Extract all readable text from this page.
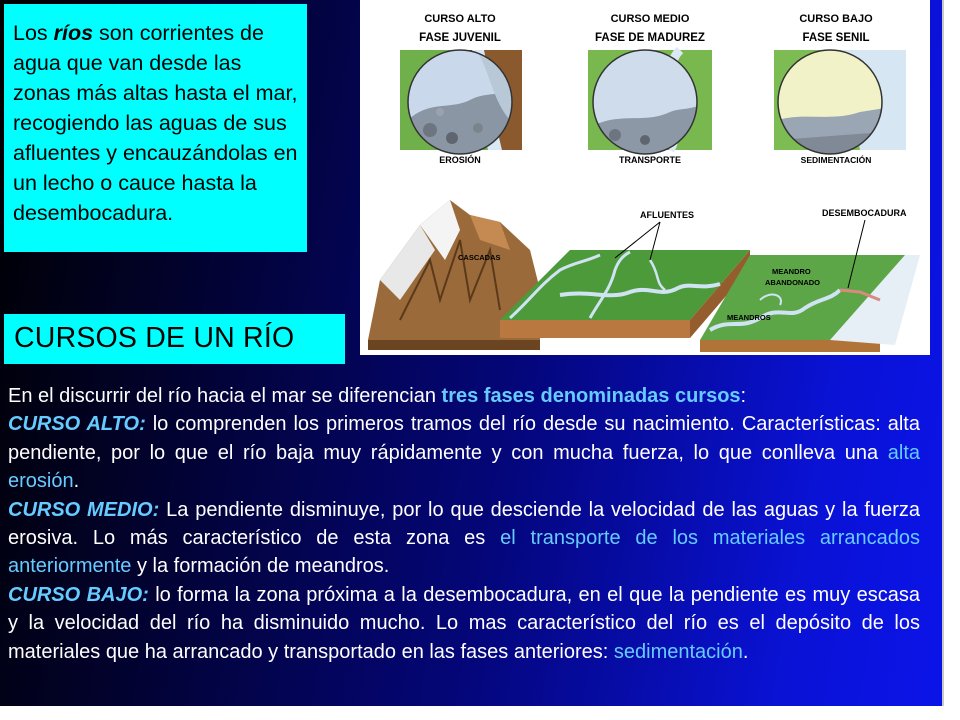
Los ríos son corrientes de agua que van desde las zonas más altas hasta el mar, recogiendo las aguas de sus afluentes y encauzándolas en un lecho o cauce hasta la desembocadura.
CURSOS DE UN RÍO
CURSO ALTO
FASE JUVENIL
EROSIÓN
CURSO MEDIO
FASE DE MADUREZ
TRANSPORTE
CURSO BAJO
FASE SENIL
SEDIMENTACIÓN
AFLUENTES	DESEMBOCADURA
CASCADAS
MEANDRO
ABANDONADO
MEANDROS

En el discurrir del río hacia el mar se diferencian tres fases denominadas cursos:

CURSO ALTO: lo comprenden los primeros tramos del río desde su nacimiento. Características: alta pendiente, por lo que el río baja muy rápidamente y con mucha fuerza, lo que conlleva una alta erosión.

CURSO MEDIO: La pendiente disminuye, por lo que desciende la velocidad de las aguas y la fuerza erosiva. Lo más característico de esta zona es el transporte de los materiales arrancados anteriormente y la formación de meandros.

CURSO BAJO: lo forma la zona próxima a la desembocadura, en el que la pendiente es muy escasa y la velocidad del río ha disminuido mucho. Lo mas característico del río es el depósito de los materiales que ha arrancado y transportado en las fases anteriores: sedimentación.
